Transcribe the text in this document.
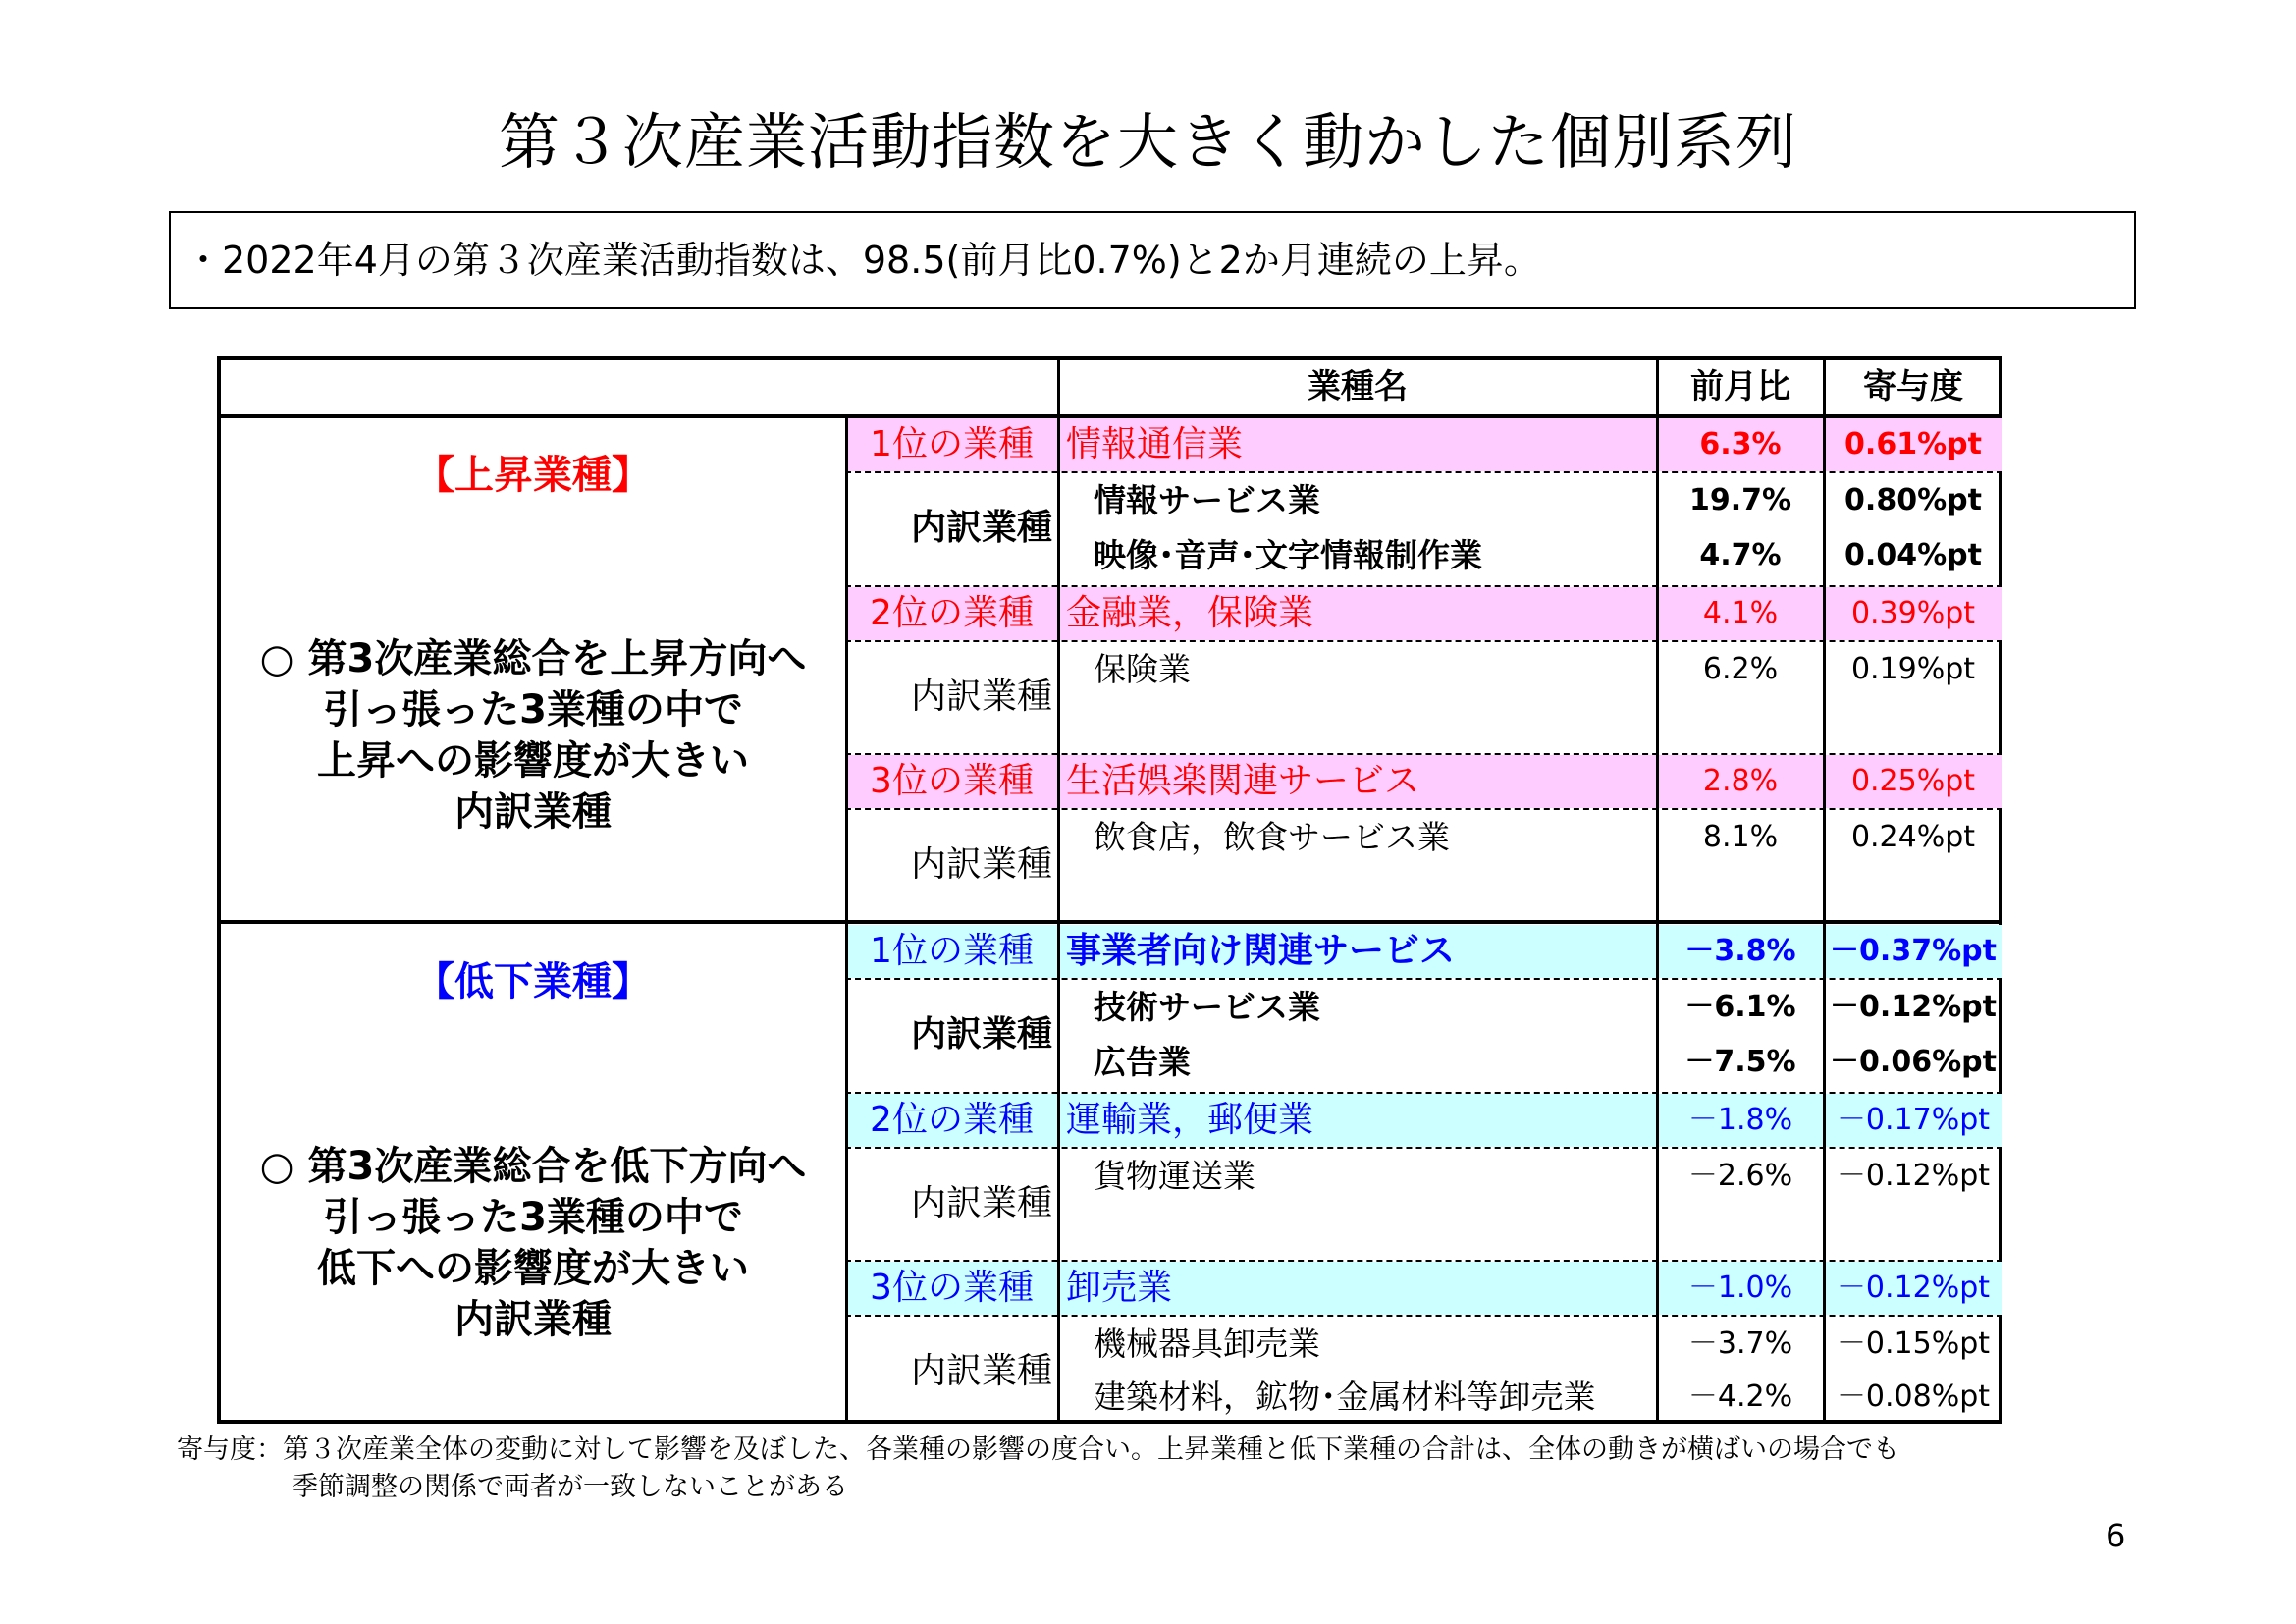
第３次産業活動指数を大きく動かした個別系列
・2022年4月の第３次産業活動指数は、98.5(前月比0.7%)と2か月連続の上昇。
業種名	前月比	寄与度
【上昇業種】
○ 第3次産業総合を上昇方向へ
引っ張った3業種の中で
上昇への影響度が大きい
内訳業種
1位の業種 情報通信業	6.3%	0.61%pt
内訳業種
情報サービス業	19.7%	0.80%pt
映像･音声･文字情報制作業	4.7%	0.04%pt
2位の業種 金融業，保険業	4.1%	0.39%pt
内訳業種
保険業	6.2%	0.19%pt
3位の業種 生活娯楽関連サービス	2.8%	0.25%pt
内訳業種
飲食店，飲食サービス業	8.1%	0.24%pt
【低下業種】
○ 第3次産業総合を低下方向へ
引っ張った3業種の中で
低下への影響度が大きい
内訳業種
1位の業種 事業者向け関連サービス	－3.8%	－0.37%pt
内訳業種
技術サービス業	－6.1%	－0.12%pt
広告業	－7.5%	－0.06%pt
2位の業種 運輸業，郵便業	－1.8%	－0.17%pt
内訳業種
貨物運送業	－2.6%	－0.12%pt
3位の業種 卸売業	－1.0%	－0.12%pt
内訳業種
機械器具卸売業	－3.7%	－0.15%pt
建築材料，鉱物･金属材料等卸売業	－4.2%	－0.08%pt
寄与度：第３次産業全体の変動に対して影響を及ぼした、各業種の影響の度合い。上昇業種と低下業種の合計は、全体の動きが横ばいの場合でも
季節調整の関係で両者が一致しないことがある
6
